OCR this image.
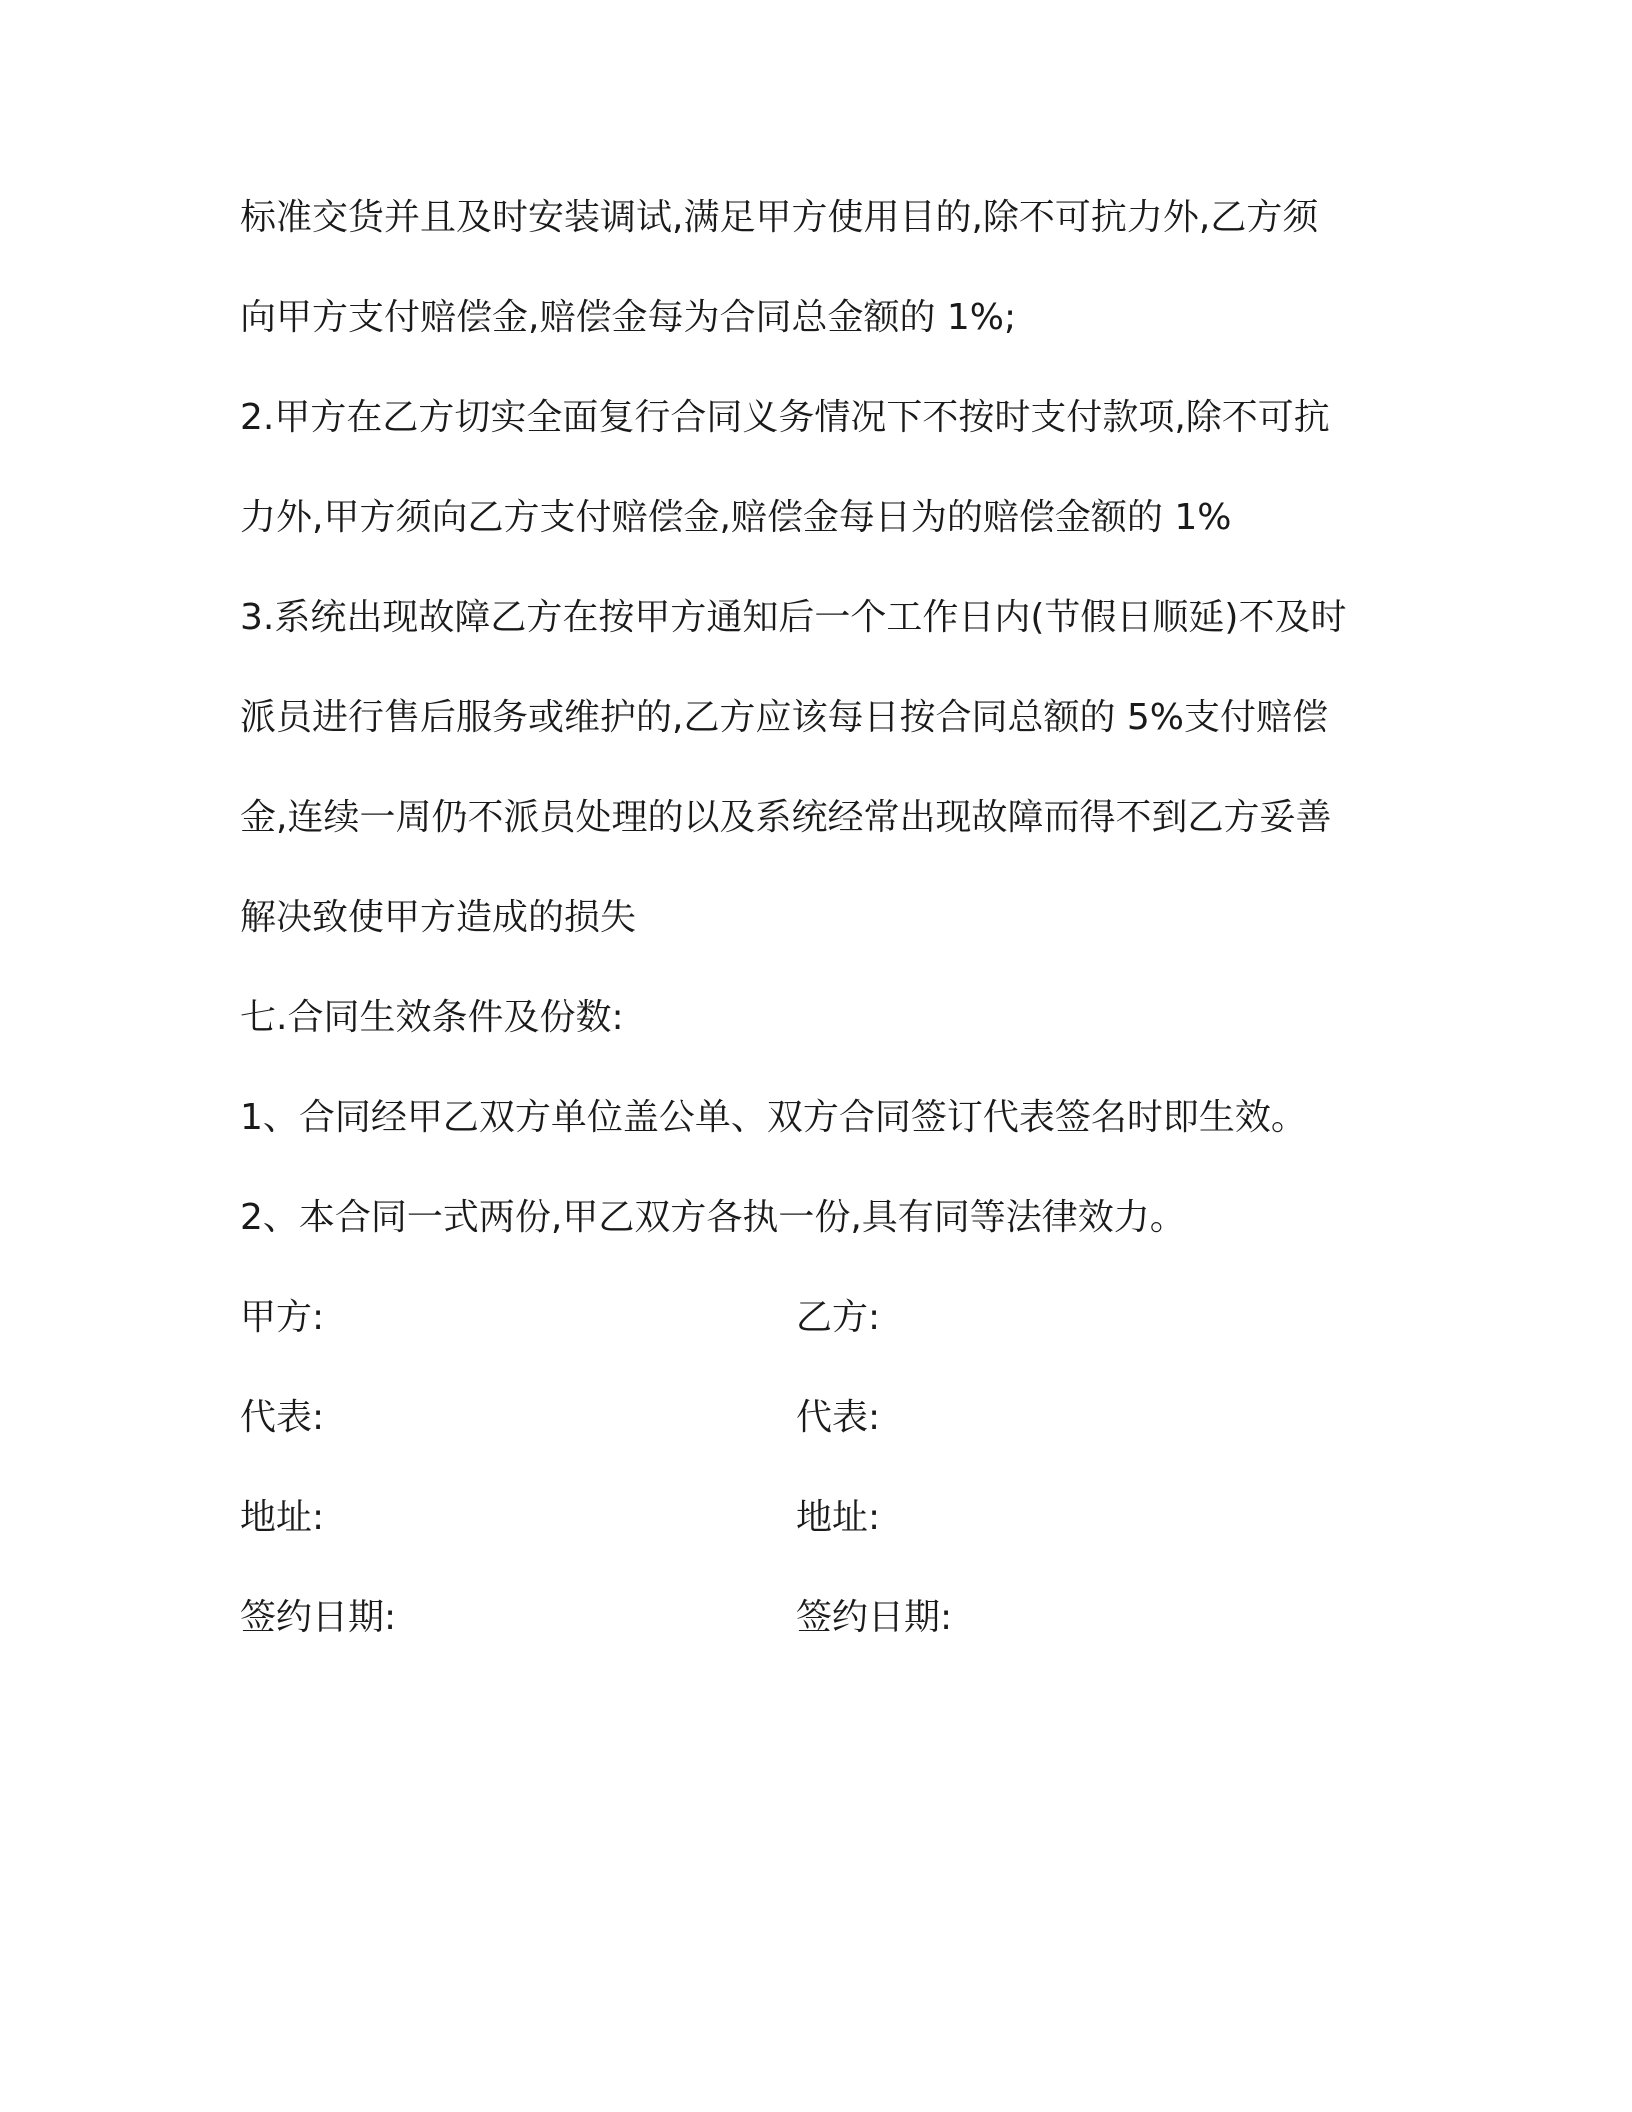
标准交货并且及时安装调试,满足甲方使用目的,除不可抗力外,乙方须
向甲方支付赔偿金,赔偿金每为合同总金额的 1%;
2.甲方在乙方切实全面复行合同义务情况下不按时支付款项,除不可抗
力外,甲方须向乙方支付赔偿金,赔偿金每日为的赔偿金额的 1%
3.系统出现故障乙方在按甲方通知后一个工作日内(节假日顺延)不及时
派员进行售后服务或维护的,乙方应该每日按合同总额的 5%支付赔偿
金,连续一周仍不派员处理的以及系统经常出现故障而得不到乙方妥善
解决致使甲方造成的损失
七.合同生效条件及份数:
1、合同经甲乙双方单位盖公单、双方合同签订代表签名时即生效。
2、本合同一式两份,甲乙双方各执一份,具有同等法律效力。
甲方:	乙方:
代表:	代表:
地址:	地址:
签约日期:	签约日期:
